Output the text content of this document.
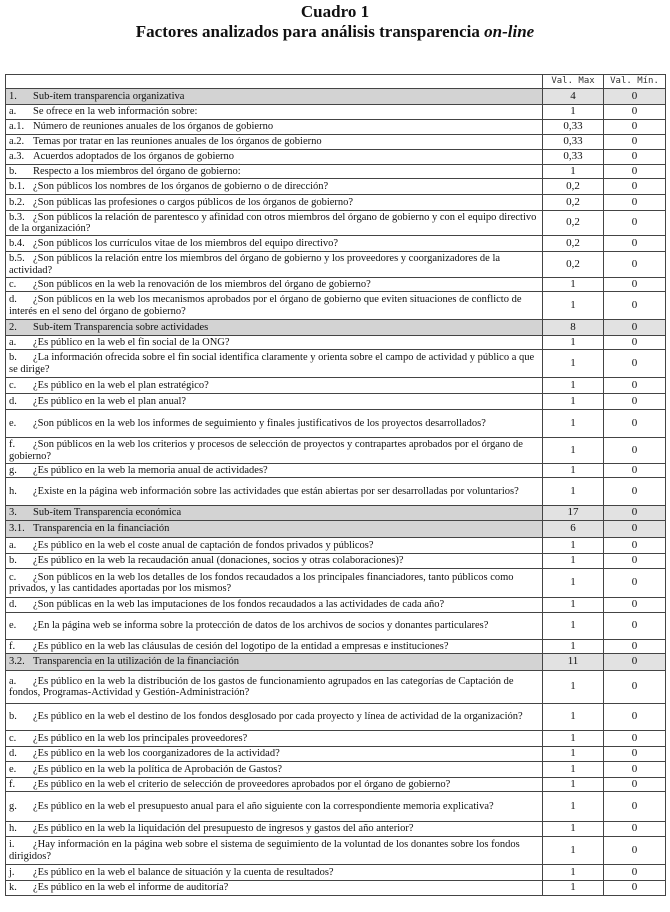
Cuadro 1
Factores analizados para análisis transparencia on-line
	Val. Max	Val. Mín.
1. Sub-ítem transparencia organizativa	4	0
a. Se ofrece en la web información sobre:	1	0
a.1. Número de reuniones anuales de los órganos de gobierno	0,33	0
a.2. Temas por tratar en las reuniones anuales de los órganos de gobierno	0,33	0
a.3. Acuerdos adoptados de los órganos de gobierno	0,33	0
b. Respecto a los miembros del órgano de gobierno:	1	0
b.1. ¿Son públicos los nombres de los órganos de gobierno o de dirección?	0,2	0
b.2. ¿Son públicas las profesiones o cargos públicos de los órganos de gobierno?	0,2	0
b.3. ¿Son públicos la relación de parentesco y afinidad con otros miembros del órgano de gobierno y con el equipo directivo de la organización?	0,2	0
b.4. ¿Son públicos los currículos vitae de los miembros del equipo directivo?	0,2	0
b.5. ¿Son públicos la relación entre los miembros del órgano de gobierno y los proveedores y coorganizadores de la actividad?	0,2	0
c. ¿Son públicos en la web la renovación de los miembros del órgano de gobierno?	1	0
d. ¿Son públicos en la web los mecanismos aprobados por el órgano de gobierno que eviten situaciones de conflicto de interés en el seno del órgano de gobierno?	1	0
2. Sub-ítem Transparencia sobre actividades	8	0
a. ¿Es público en la web el fin social de la ONG?	1	0
b. ¿La información ofrecida sobre el fin social identifica claramente y orienta sobre el campo de actividad y público a que se dirige?	1	0
c. ¿Es público en la web el plan estratégico?	1	0
d. ¿Es público en la web el plan anual?	1	0
e. ¿Son públicos en la web los informes de seguimiento y finales justificativos de los proyectos desarrollados?	1	0
f. ¿Son públicos en la web los criterios y procesos de selección de proyectos y contrapartes aprobados por el órgano de gobierno?	1	0
g. ¿Es público en la web la memoria anual de actividades?	1	0
h. ¿Existe en la página web información sobre las actividades que están abiertas por ser desarrolladas por voluntarios?	1	0
3. Sub-ítem Transparencia económica	17	0
3.1. Transparencia en la financiación	6	0
a. ¿Es público en la web el coste anual de captación de fondos privados y públicos?	1	0
b. ¿Es público en la web la recaudación anual (donaciones, socios y otras colaboraciones)?	1	0
c. ¿Son públicos en la web los detalles de los fondos recaudados a los principales financiadores, tanto públicos como privados, y las cantidades aportadas por los mismos?	1	0
d. ¿Son públicas en la web las imputaciones de los fondos recaudados a las actividades de cada año?	1	0
e. ¿En la página web se informa sobre la protección de datos de los archivos de socios y donantes particulares?	1	0
f. ¿Es público en la web las cláusulas de cesión del logotipo de la entidad a empresas e instituciones?	1	0
3.2. Transparencia en la utilización de la financiación	11	0
a. ¿Es público en la web la distribución de los gastos de funcionamiento agrupados en las categorías de Captación de fondos, Programas-Actividad y Gestión-Administración?	1	0
b. ¿Es público en la web el destino de los fondos desglosado por cada proyecto y línea de actividad de la organización?	1	0
c. ¿Es público en la web los principales proveedores?	1	0
d. ¿Es público en la web los coorganizadores de la actividad?	1	0
e. ¿Es público en la web la política de Aprobación de Gastos?	1	0
f. ¿Es público en la web el criterio de selección de proveedores aprobados por el órgano de gobierno?	1	0
g. ¿Es público en la web el presupuesto anual para el año siguiente con la correspondiente memoria explicativa?	1	0
h. ¿Es público en la web la liquidación del presupuesto de ingresos y gastos del año anterior?	1	0
i. ¿Hay información en la página web sobre el sistema de seguimiento de la voluntad de los donantes sobre los fondos dirigidos?	1	0
j. ¿Es público en la web el balance de situación y la cuenta de resultados?	1	0
k. ¿Es público en la web el informe de auditoría?	1	0
